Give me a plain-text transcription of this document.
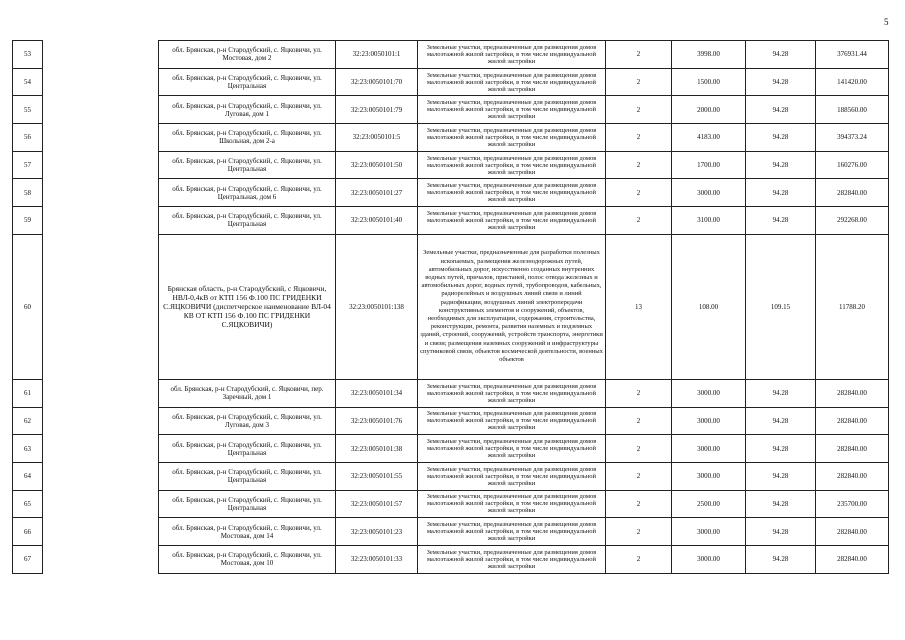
5
53		обл. Брянская, р-н Стародубский, с. Яцковичи, ул. Мостовая, дом 2	32:23:0050101:1	Земельные участки, предназначенные для размещения домов малоэтажной жилой застройки, в том числе индивидуальной жилой застройки	2	3998.00	94.28	376931.44
54		обл. Брянская, р-н Стародубский, с. Яцковичи, ул. Центральная	32:23:0050101:70	Земельные участки, предназначенные для размещения домов малоэтажной жилой застройки, в том числе индивидуальной жилой застройки	2	1500.00	94.28	141420.00
55		обл. Брянская, р-н Стародубский, с. Яцковичи, ул. Луговая, дом 1	32:23:0050101:79	Земельные участки, предназначенные для размещения домов малоэтажной жилой застройки, в том числе индивидуальной жилой застройки	2	2000.00	94.28	188560.00
56		обл. Брянская, р-н Стародубский, с. Яцковичи, ул. Школьная, дом 2-а	32:23:0050101:5	Земельные участки, предназначенные для размещения домов малоэтажной жилой застройки, в том числе индивидуальной жилой застройки	2	4183.00	94.28	394373.24
57		обл. Брянская, р-н Стародубский, с. Яцковичи, ул. Центральная	32:23:0050101:50	Земельные участки, предназначенные для размещения домов малоэтажной жилой застройки, в том числе индивидуальной жилой застройки	2	1700.00	94.28	160276.00
58		обл. Брянская, р-н Стародубский, с. Яцковичи, ул. Центральная, дом 6	32:23:0050101:27	Земельные участки, предназначенные для размещения домов малоэтажной жилой застройки, в том числе индивидуальной жилой застройки	2	3000.00	94.28	282840.00
59		обл. Брянская, р-н Стародубский, с. Яцковичи, ул. Центральная	32:23:0050101:40	Земельные участки, предназначенные для размещения домов малоэтажной жилой застройки, в том числе индивидуальной жилой застройки	2	3100.00	94.28	292268.00
60		Брянская область, р-н Стародубский, с Яцковичи, НВЛ-0,4кВ от КТП 156 Ф.100 ПС ГРИДЕНКИ С.ЯЦКОВИЧИ (диспетчерское наименование ВЛ-04 КВ ОТ КТП 156 Ф.100 ПС ГРИДЕНКИ С.ЯЦКОВИЧИ)	32:23:0050101:138	Земельные участки, предназначенные для разработки полезных ископаемых, размещения железнодорожных путей, автомобильных дорог, искусственно созданных внутренних водных путей, причалов, пристаней, полос отвода железных и автомобильных дорог, водных путей, трубопроводов, кабельных, радиорелейных и воздушных линий связи и линий радиофикации, воздушных линий электропередачи конструктивных элементов и сооружений, объектов, необходимых для эксплуатации, содержания, строительства, реконструкции, ремонта, развития наземных и подземных зданий, строений, сооружений, устройств транспорта, энергетики и связи; размещения наземных сооружений и инфраструктуры спутниковой связи, объектов космической деятельности, военных объектов	13	108.00	109.15	11788.20
61		обл. Брянская, р-н Стародубский, с. Яцковичи, пер. Заречный, дом 1	32:23:0050101:34	Земельные участки, предназначенные для размещения домов малоэтажной жилой застройки, в том числе индивидуальной жилой застройки	2	3000.00	94.28	282840.00
62		обл. Брянская, р-н Стародубский, с. Яцковичи, ул. Луговая, дом 3	32:23:0050101:76	Земельные участки, предназначенные для размещения домов малоэтажной жилой застройки, в том числе индивидуальной жилой застройки	2	3000.00	94.28	282840.00
63		обл. Брянская, р-н Стародубский, с. Яцковичи, ул. Центральная	32:23:0050101:38	Земельные участки, предназначенные для размещения домов малоэтажной жилой застройки, в том числе индивидуальной жилой застройки	2	3000.00	94.28	282840.00
64		обл. Брянская, р-н Стародубский, с. Яцковичи, ул. Центральная	32:23:0050101:55	Земельные участки, предназначенные для размещения домов малоэтажной жилой застройки, в том числе индивидуальной жилой застройки	2	3000.00	94.28	282840.00
65		обл. Брянская, р-н Стародубский, с. Яцковичи, ул. Центральная	32:23:0050101:57	Земельные участки, предназначенные для размещения домов малоэтажной жилой застройки, в том числе индивидуальной жилой застройки	2	2500.00	94.28	235700.00
66		обл. Брянская, р-н Стародубский, с. Яцковичи, ул. Мостовая, дом 14	32:23:0050101:23	Земельные участки, предназначенные для размещения домов малоэтажной жилой застройки, в том числе индивидуальной жилой застройки	2	3000.00	94.28	282840.00
67		обл. Брянская, р-н Стародубский, с. Яцковичи, ул. Мостовая, дом 10	32:23:0050101:33	Земельные участки, предназначенные для размещения домов малоэтажной жилой застройки, в том числе индивидуальной жилой застройки	2	3000.00	94.28	282840.00
